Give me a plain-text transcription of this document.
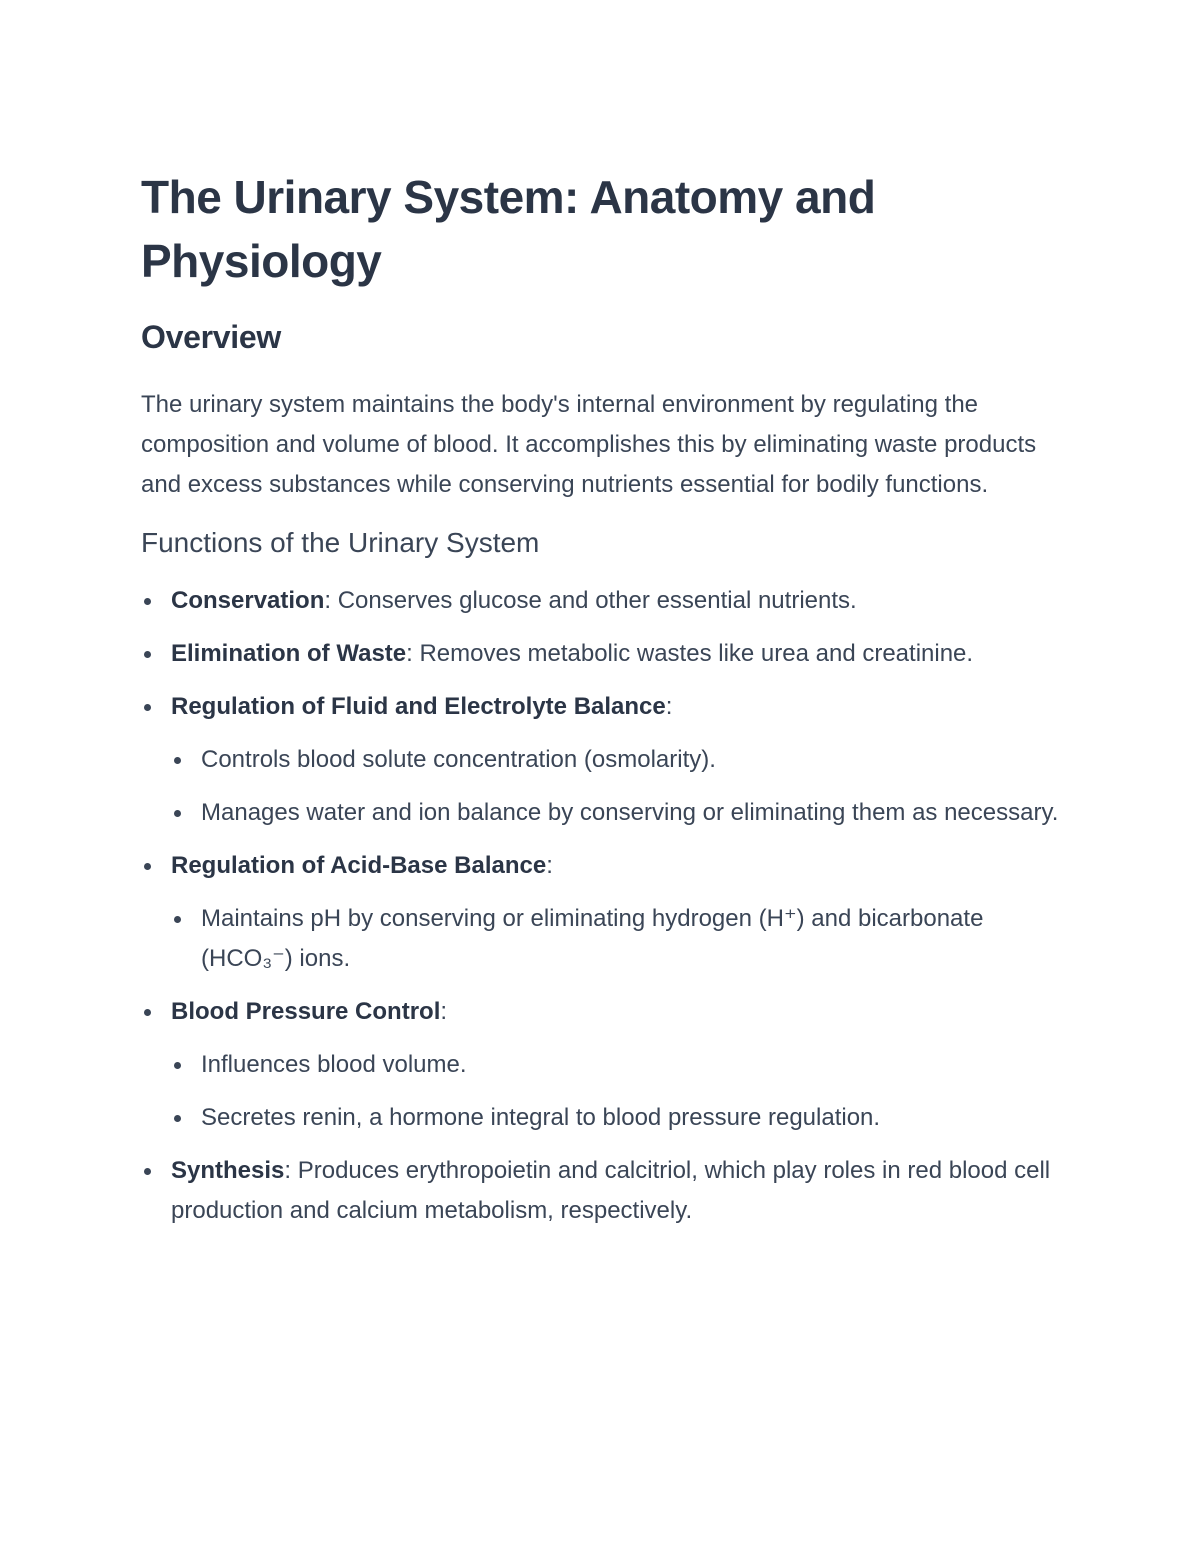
The Urinary System: Anatomy and Physiology
Overview

The urinary system maintains the body's internal environment by regulating the composition and volume of blood. It accomplishes this by eliminating waste products and excess substances while conserving nutrients essential for bodily functions.

Functions of the Urinary System
Conservation: Conserves glucose and other essential nutrients.
Elimination of Waste: Removes metabolic wastes like urea and creatinine.
Regulation of Fluid and Electrolyte Balance:
Controls blood solute concentration (osmolarity).
Manages water and ion balance by conserving or eliminating them as necessary.
Regulation of Acid-Base Balance:
Maintains pH by conserving or eliminating hydrogen (H⁺) and bicarbonate (HCO₃⁻) ions.
Blood Pressure Control:
Influences blood volume.
Secretes renin, a hormone integral to blood pressure regulation.
Synthesis: Produces erythropoietin and calcitriol, which play roles in red blood cell production and calcium metabolism, respectively.
